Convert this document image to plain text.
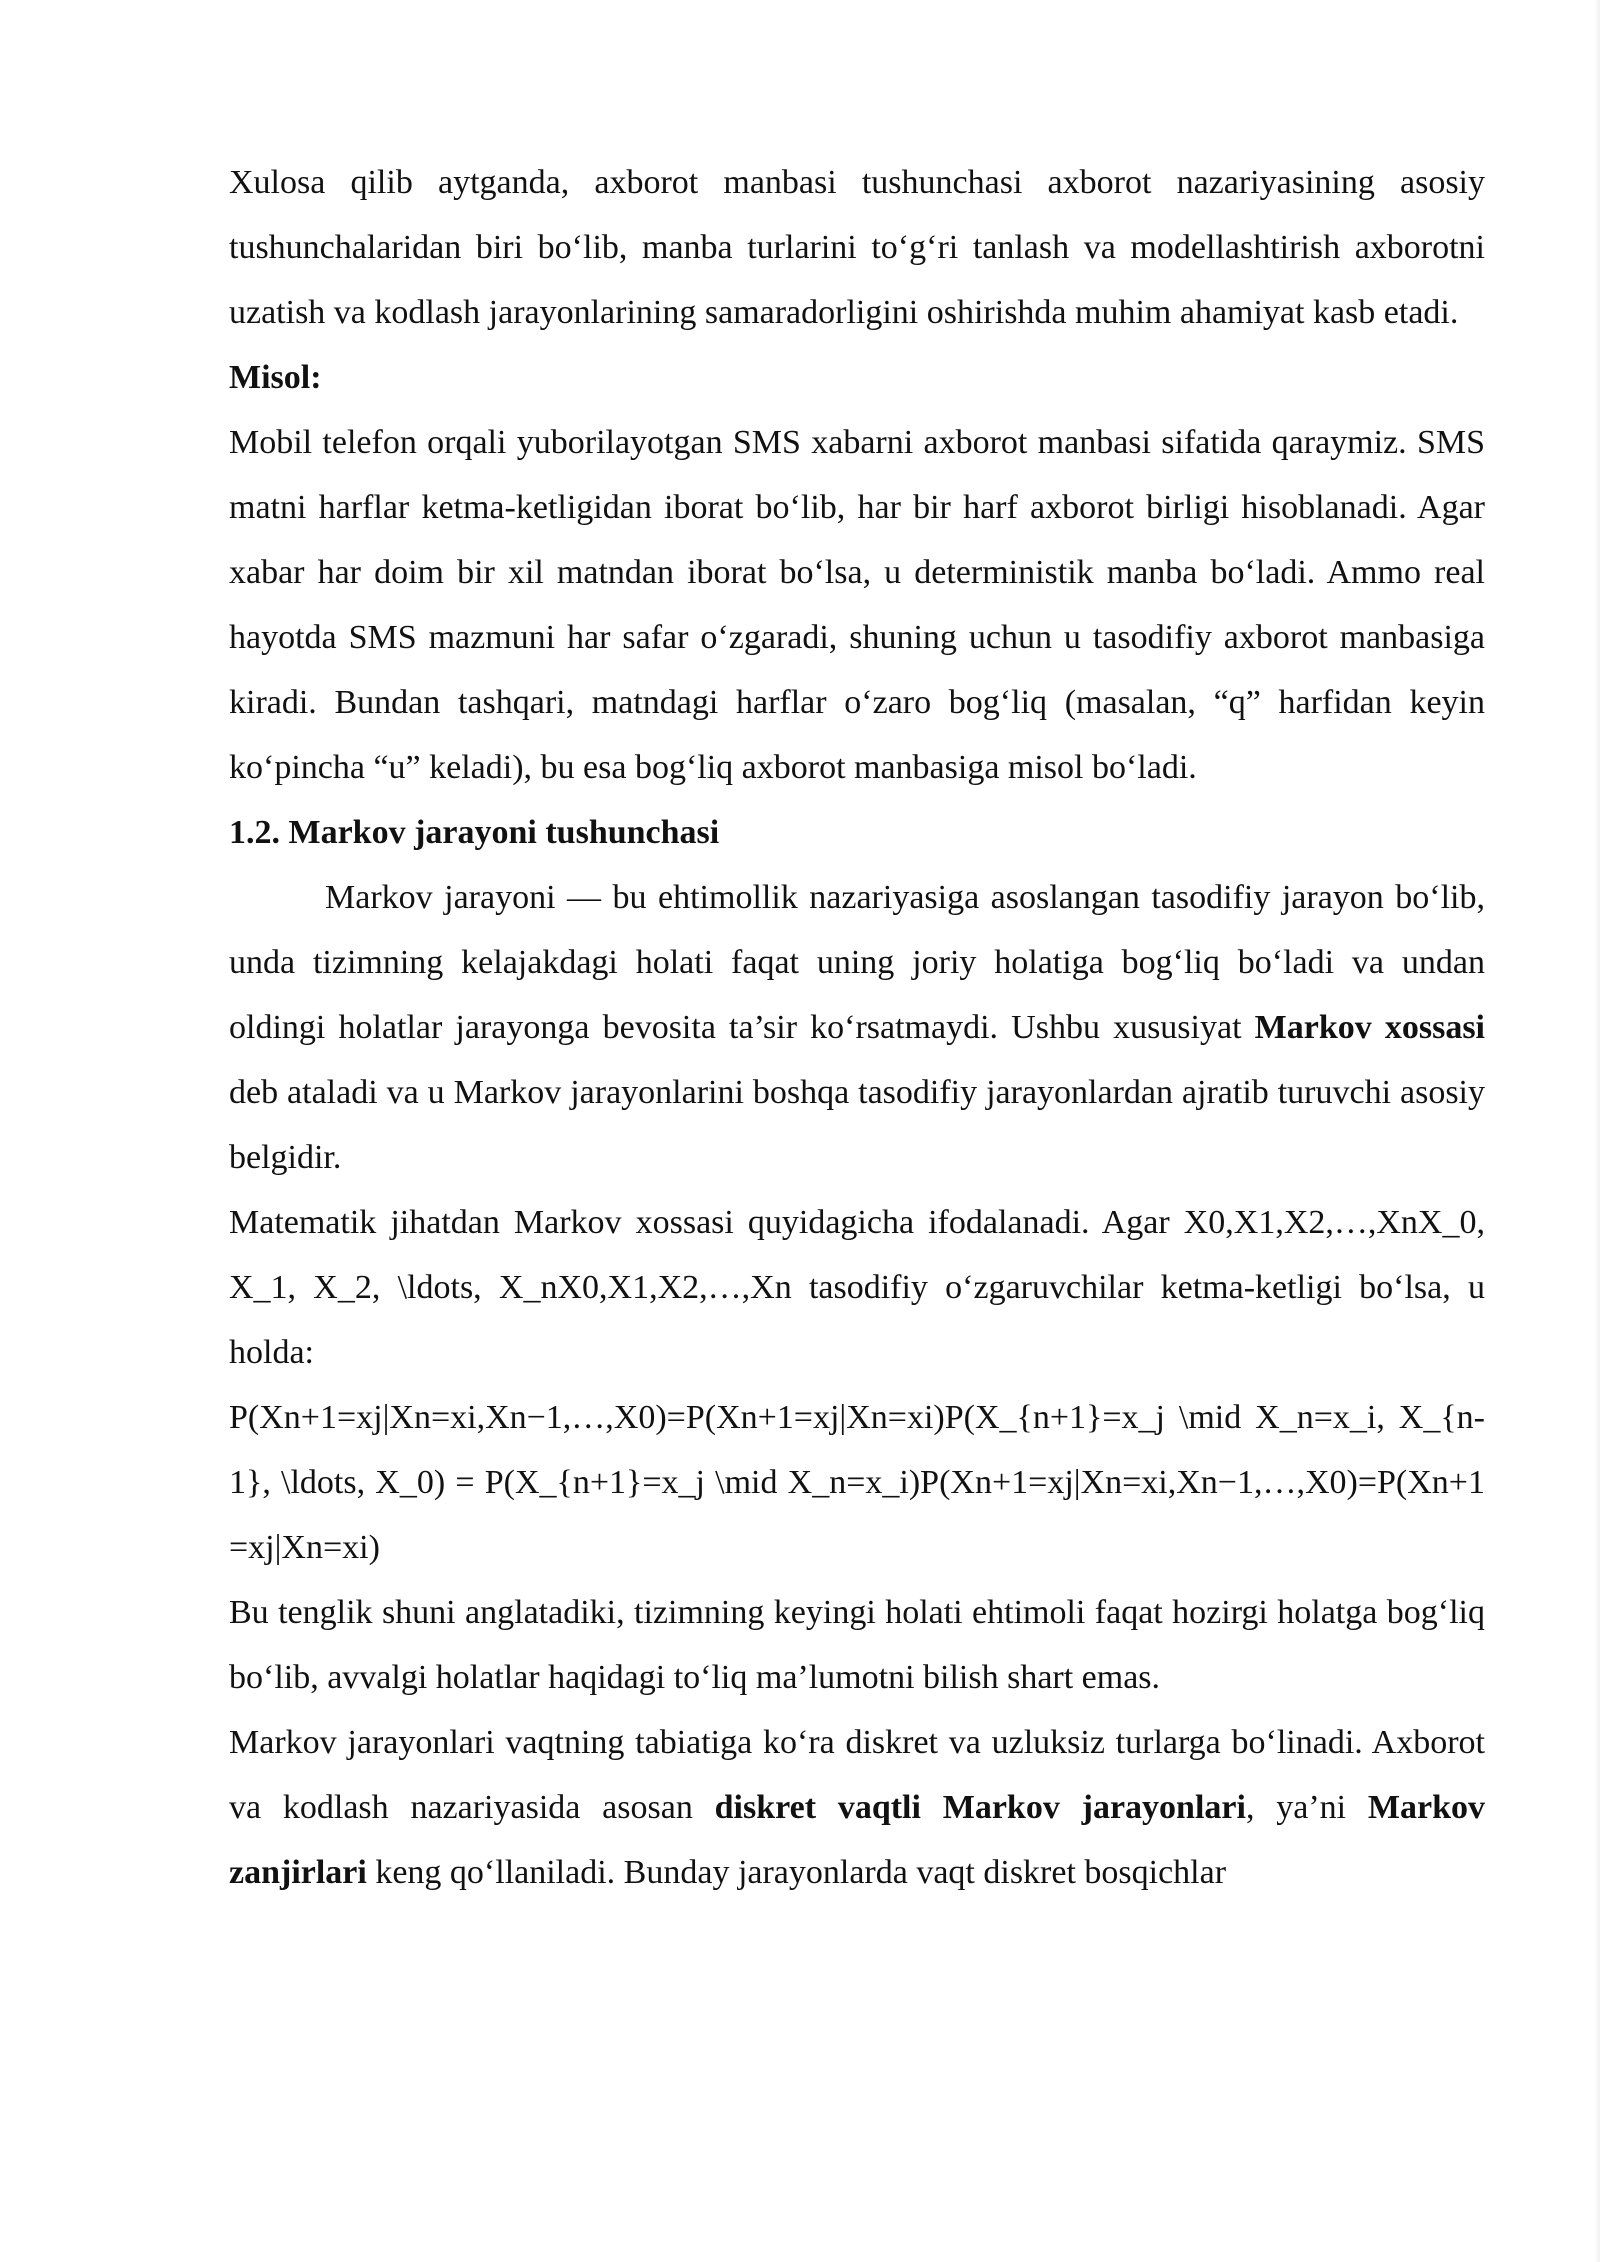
Xulosa qilib aytganda, axborot manbasi tushunchasi axborot nazariyasining asosiy tushunchalaridan biri bo‘lib, manba turlarini to‘g‘ri tanlash va modellashtirish axborotni uzatish va kodlash jarayonlarining samaradorligini oshirishda muhim ahamiyat kasb etadi.

Misol:

Mobil telefon orqali yuborilayotgan SMS xabarni axborot manbasi sifatida qaraymiz. SMS matni harflar ketma-ketligidan iborat bo‘lib, har bir harf axborot birligi hisoblanadi. Agar xabar har doim bir xil matndan iborat bo‘lsa, u deterministik manba bo‘ladi. Ammo real hayotda SMS mazmuni har safar o‘zgaradi, shuning uchun u tasodifiy axborot manbasiga kiradi. Bundan tashqari, matndagi harflar o‘zaro bog‘liq (masalan, “q” harfidan keyin ko‘pincha “u” keladi), bu esa bog‘liq axborot manbasiga misol bo‘ladi.

1.2. Markov jarayoni tushunchasi

Markov jarayoni — bu ehtimollik nazariyasiga asoslangan tasodifiy jarayon bo‘lib, unda tizimning kelajakdagi holati faqat uning joriy holatiga bog‘liq bo‘ladi va undan oldingi holatlar jarayonga bevosita ta’sir ko‘rsatmaydi. Ushbu xususiyat Markov xossasi deb ataladi va u Markov jarayonlarini boshqa tasodifiy jarayonlardan ajratib turuvchi asosiy belgidir.

Matematik jihatdan Markov xossasi quyidagicha ifodalanadi. Agar X0,X1,X2,…,XnX_0, X_1, X_2, \ldots, X_nX0,X1,X2,…,Xn tasodifiy o‘zgaruvchilar ketma-ketligi bo‘lsa, u holda:

P(Xn+1=xj|Xn=xi,Xn−1,…,X0)=P(Xn+1=xj|Xn=xi)P(X_{n+1}=x_j \mid X_n=x_i, X_{n-1}, \ldots, X_0) = P(X_{n+1}=x_j \mid X_n=x_i)P(Xn+1=xj|Xn=xi,Xn−1,…,X0)=P(Xn+1=xj|Xn=xi)

Bu tenglik shuni anglatadiki, tizimning keyingi holati ehtimoli faqat hozirgi holatga bog‘liq bo‘lib, avvalgi holatlar haqidagi to‘liq ma’lumotni bilish shart emas.

Markov jarayonlari vaqtning tabiatiga ko‘ra diskret va uzluksiz turlarga bo‘linadi. Axborot va kodlash nazariyasida asosan diskret vaqtli Markov jarayonlari, ya’ni Markov zanjirlari keng qo‘llaniladi. Bunday jarayonlarda vaqt diskret bosqichlar
